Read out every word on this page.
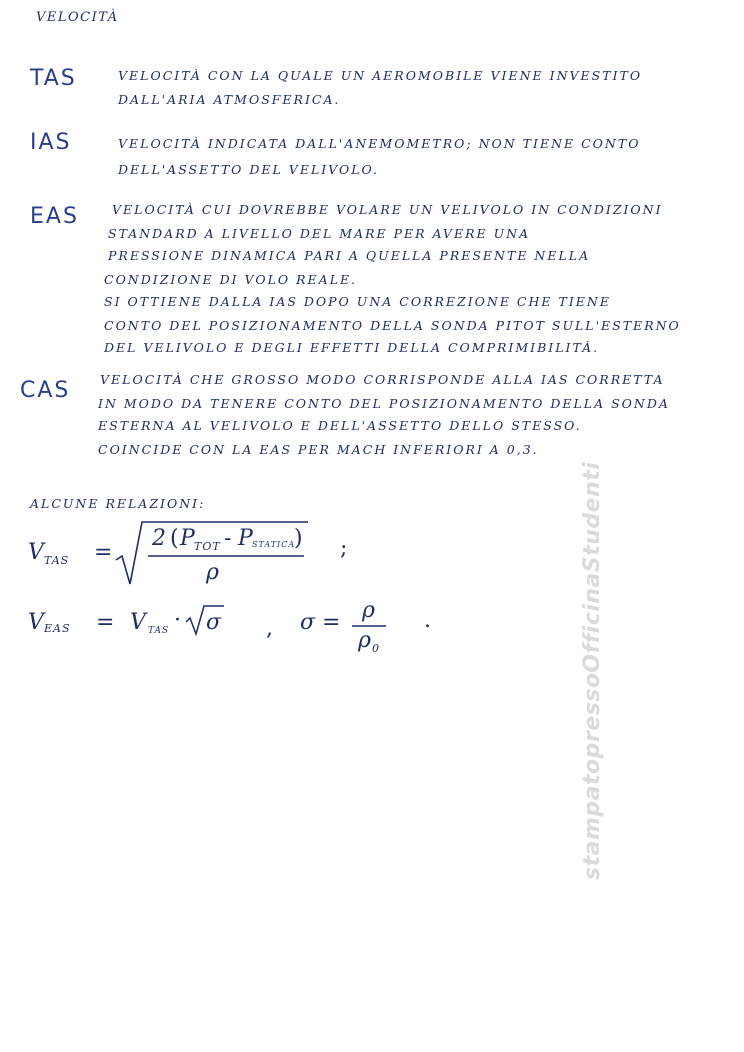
VELOCITÀ
TAS	VELOCITÀ CON LA QUALE UN AEROMOBILE VIENE INVESTITO
DALL'ARIA ATMOSFERICA.
IAS	VELOCITÀ INDICATA DALL'ANEMOMETRO; NON TIENE CONTO
DELL'ASSETTO DEL VELIVOLO.
EAS	VELOCITÀ CUI DOVREBBE VOLARE UN VELIVOLO IN CONDIZIONI
STANDARD A LIVELLO DEL MARE PER AVERE UNA
PRESSIONE DINAMICA PARI A QUELLA PRESENTE NELLA
CONDIZIONE DI VOLO REALE.
SI OTTIENE DALLA IAS DOPO UNA CORREZIONE CHE TIENE
CONTO DEL POSIZIONAMENTO DELLA SONDA PITOT SULL'ESTERNO
DEL VELIVOLO E DEGLI EFFETTI DELLA COMPRIMIBILITÀ.
CAS VELOCITÀ CHE GROSSO MODO CORRISPONDE ALLA IAS CORRETTA
IN MODO DA TENERE CONTO DEL POSIZIONAMENTO DELLA SONDA
ESTERNA AL VELIVOLO E DELL'ASSETTO DELLO STESSO.
COINCIDE CON LA EAS PER MACH INFERIORI A 0,3.
ALCUNE RELAZIONI:
V TAS =
2 ( P TOT - P STATICA
)
ρ
;
V EAS = V TAS · σ , σ = ρ
ρ 0
.	stampatopressoOfficinaStudenti
